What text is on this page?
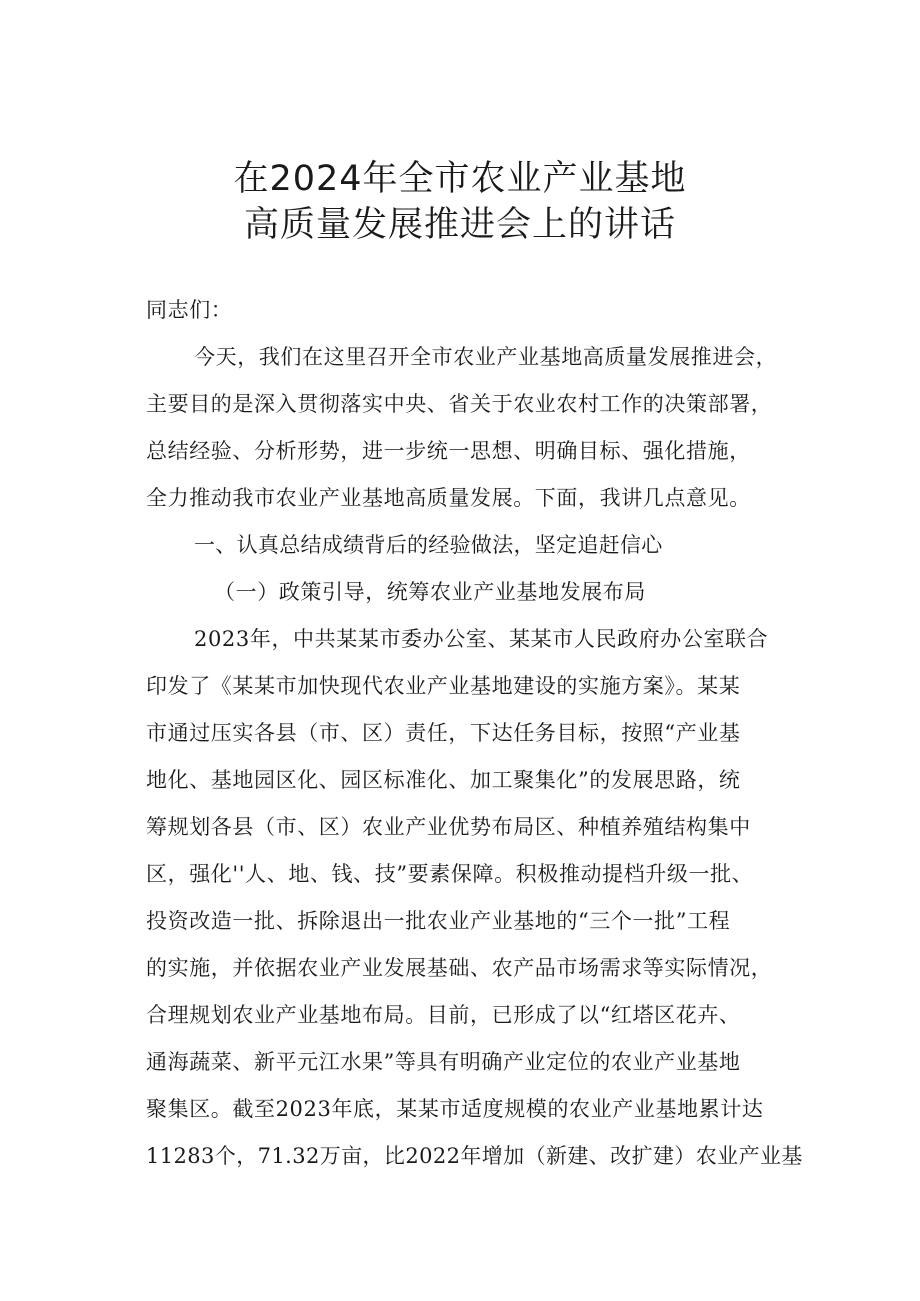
在2024年全市农业产业基地
高质量发展推进会上的讲话
同志们：
今天，我们在这里召开全市农业产业基地高质量发展推进会，
主要目的是深入贯彻落实中央、省关于农业农村工作的决策部署，
总结经验、分析形势，进一步统一思想、明确目标、强化措施，
全力推动我市农业产业基地高质量发展。下面，我讲几点意见。
一、认真总结成绩背后的经验做法，坚定追赶信心
（一）政策引导，统筹农业产业基地发展布局
2023年，中共某某市委办公室、某某市人民政府办公室联合
印发了《某某市加快现代农业产业基地建设的实施方案》。某某
市通过压实各县（市、区）责任，下达任务目标，按照“产业基
地化、基地园区化、园区标准化、加工聚集化”的发展思路，统
筹规划各县（市、区）农业产业优势布局区、种植养殖结构集中
区，强化''人、地、钱、技”要素保障。积极推动提档升级一批、
投资改造一批、拆除退出一批农业产业基地的“三个一批”工程
的实施，并依据农业产业发展基础、农产品市场需求等实际情况，
合理规划农业产业基地布局。目前，已形成了以“红塔区花卉、
通海蔬菜、新平元江水果”等具有明确产业定位的农业产业基地
聚集区。截至2023年底，某某市适度规模的农业产业基地累计达
11283个，71.32万亩，比2022年增加（新建、改扩建）农业产业基
